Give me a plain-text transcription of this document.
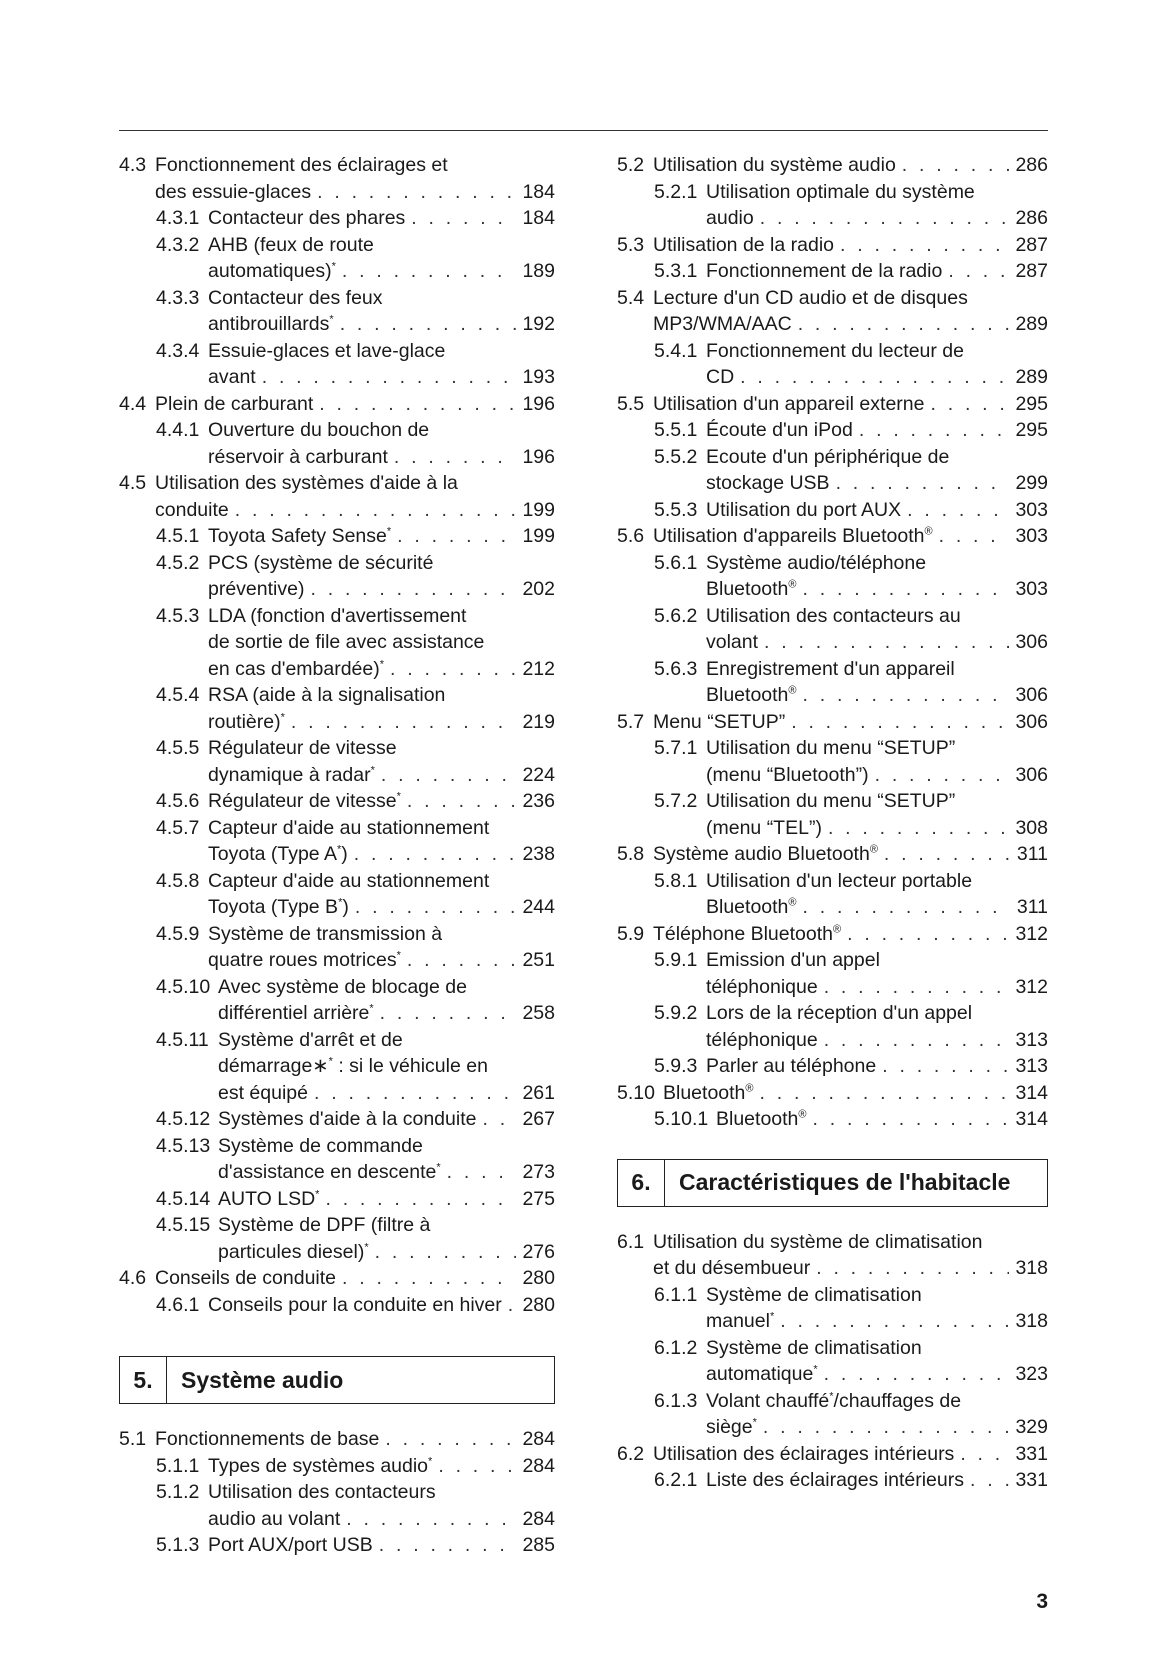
4.3 Fonctionnement des éclairages et
des essuie-glaces . . .	184
4.3.1 Contacteur des phares . . .	184
4.3.2 AHB (feux de route
automatiques)* . . .	189
4.3.3 Contacteur des feux
antibrouillards* . . .	192
4.3.4 Essuie-glaces et lave-glace
avant . . .	193
4.4 Plein de carburant . . .	196
4.4.1 Ouverture du bouchon de
réservoir à carburant . . .	196
4.5 Utilisation des systèmes d'aide à la
conduite . . .	199
4.5.1 Toyota Safety Sense* . . .	199
4.5.2 PCS (système de sécurité
préventive) . . .	202
4.5.3 LDA (fonction d'avertissement
de sortie de file avec assistance
en cas d'embardée)* . . .	212
4.5.4 RSA (aide à la signalisation
routière)* . . .	219
4.5.5 Régulateur de vitesse
dynamique à radar* . . .	224
4.5.6 Régulateur de vitesse* . . .	236
4.5.7 Capteur d'aide au stationnement
Toyota (Type A*) . . .	238
4.5.8 Capteur d'aide au stationnement
Toyota (Type B*) . . .	244
4.5.9 Système de transmission à
quatre roues motrices* . . .	251
4.5.10 Avec système de blocage de
différentiel arrière* . . .	258
4.5.11 Système d'arrêt et de
démarrage∗* : si le véhicule en
est équipé . . .	261
4.5.12 Systèmes d'aide à la conduite . . . 267
4.5.13 Système de commande
d'assistance en descente* . . .	273
4.5.14 AUTO LSD* . . .	275
4.5.15 Système de DPF (filtre à
particules diesel)* . . .	276
4.6 Conseils de conduite . . .	280
4.6.1 Conseils pour la conduite en hiver . . . 280
5.	Système audio
5.1 Fonctionnements de base . . .	284
5.1.1 Types de systèmes audio* . . .	284
5.1.2 Utilisation des contacteurs
audio au volant . . .	284
5.1.3 Port AUX/port USB . . .	285
5.2 Utilisation du système audio . . .	286
5.2.1 Utilisation optimale du système
audio . . .	286
5.3 Utilisation de la radio . . .	287
5.3.1 Fonctionnement de la radio . . .	287
5.4 Lecture d'un CD audio et de disques
MP3/WMA/AAC . . .	289
5.4.1 Fonctionnement du lecteur de
CD . . .	289
5.5 Utilisation d'un appareil externe . . .	295
5.5.1 Écoute d'un iPod . . .	295
5.5.2 Ecoute d'un périphérique de
stockage USB . . .	299
5.5.3 Utilisation du port AUX . . .	303
5.6 Utilisation d'appareils Bluetooth® . . .	303
5.6.1 Système audio/téléphone
Bluetooth® . . .	303
5.6.2 Utilisation des contacteurs au
volant . . .	306
5.6.3 Enregistrement d'un appareil
Bluetooth® . . .	306
5.7 Menu “SETUP” . . .	306
5.7.1 Utilisation du menu “SETUP”
(menu “Bluetooth”) . . .	306
5.7.2 Utilisation du menu “SETUP”
(menu “TEL”) . . .	308
5.8 Système audio Bluetooth® . . .	311
5.8.1 Utilisation d'un lecteur portable
Bluetooth® . . .	311
5.9 Téléphone Bluetooth® . . .	312
5.9.1 Emission d'un appel
téléphonique . . .	312
5.9.2 Lors de la réception d'un appel
téléphonique . . .	313
5.9.3 Parler au téléphone . . .	313
5.10 Bluetooth® . . .	314
5.10.1 Bluetooth® . . .	314
6.	Caractéristiques de l'habitacle
6.1 Utilisation du système de climatisation
et du désembueur . . .	318
6.1.1 Système de climatisation
manuel* . . .	318
6.1.2 Système de climatisation
automatique* . . .	323
6.1.3 Volant chauffé*/chauffages de
siège* . . .	329
6.2 Utilisation des éclairages intérieurs . . .	331
6.2.1 Liste des éclairages intérieurs . . .	331
3
